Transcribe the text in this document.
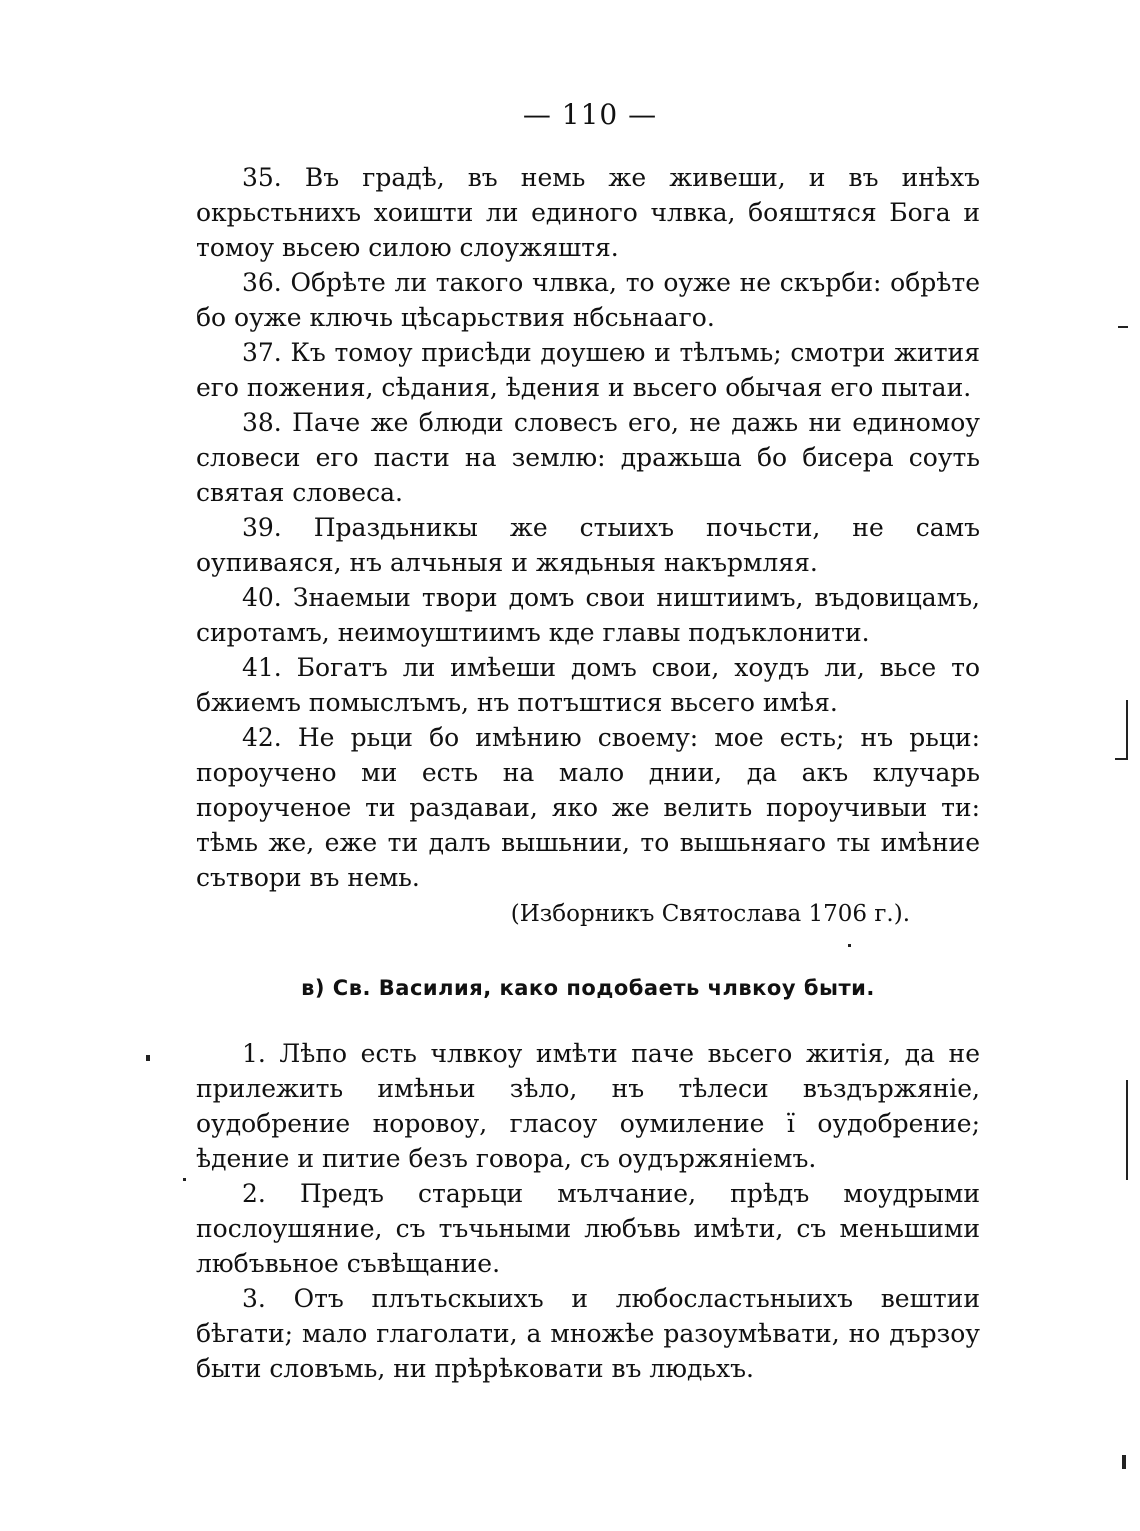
— 110 —

35. Въ градѣ, въ немь же живеши, и въ инѣхъ окрьстьнихъ хоишти ли единого члвка, бояштяся Бога и томоу вьсею силою слоужяштя.

36. Обрѣте ли такого члвка, то оуже не скърби: обрѣте бо оуже ключь цѣсарьствия нбсьнааго.

37. Къ томоу присѣди доушею и тѣлъмь; смотри жития его пожения, сѣдания, ѣдения и вьсего обычая его пытаи.

38. Паче же блюди словесъ его, не дажь ни единомоу словеси его пасти на землю: дражьша бо бисера соуть святая словеса.

39. Праздьникы же стыихъ почьсти, не самъ оупиваяся, нъ алчьныя и жядьныя накърмляя.

40. Знаемыи твори домъ свои ништиимъ, въдовицамъ, сиротамъ, неимоуштиимъ кде главы подъклонити.

41. Богатъ ли имѣеши домъ свои, хоудъ ли, вьсе то бжиемъ помыслъмъ, нъ потъштися вьсего имѣя.

42. Не рьци бо имѣнию своему: мое есть; нъ рьци: пороучено ми есть на мало днии, да акъ клучарь пороученое ти раздаваи, яко же велить пороучивыи ти: тѣмь же, еже ти далъ вышьнии, то вышьняаго ты имѣние сътвори въ немь.

(Изборникъ Святослава 1706 г.).
в) Св. Василия, како подобаеть члвкоу быти.

1. Лѣпо есть члвкоу имѣти паче вьсего житія, да не прилежить имѣньи зѣло, нъ тѣлеси въздържяніе, оудобрение норовоу, гласоу оумиление ї оудобрение; ѣдение и питие безъ говора, съ оудържяніемъ.

2. Предъ старьци мълчание, прѣдъ моудрыми послоушяние, съ тъчьными любъвь имѣти, съ меньшими любъвьное съвѣщание.

3. Отъ плътьскыихъ и любосластьныихъ вештии бѣгати; мало глаголати, а множѣе разоумѣвати, но дързоу быти словъмь, ни прѣрѣковати въ людьхъ.
